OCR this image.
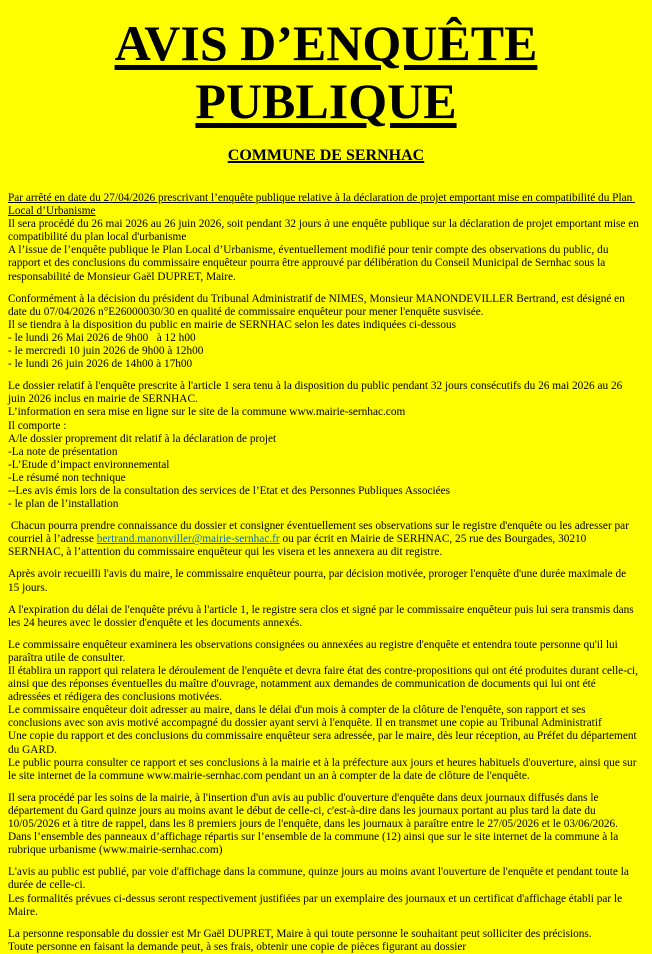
AVIS D’ENQUÊTE
PUBLIQUE
COMMUNE DE SERNHAC

Par arrêté en date du 27/04/2026 prescrivant l’enquête publique relative à la déclaration de projet emportant mise en compatibilité du Plan Local d’Urbanisme

Il sera procédé du 26 mai 2026 au 26 juin 2026, soit pendant 32 jours à une enquête publique sur la déclaration de projet emportant mise en compatibilité du plan local d'urbanisme

A l’issue de l’enquête publique le Plan Local d’Urbanisme, éventuellement modifié pour tenir compte des observations du public, du rapport et des conclusions du commissaire enquêteur pourra être approuvé par délibération du Conseil Municipal de Sernhac sous la responsabilité de Monsieur Gaël DUPRET, Maire.

Conformément à la décision du président du Tribunal Administratif de NIMES, Monsieur MANONDEVILLER Bertrand, est désigné en date du 07/04/2026 n°E26000030/30 en qualité de commissaire enquêteur pour mener l'enquête susvisée.

Il se tiendra à la disposition du public en mairie de SERNHAC selon les dates indiquées ci-dessous

- le lundi 26 Mai 2026 de 9h00   à 12 h00

- le mercredi 10 juin 2026 de 9h00 à 12h00

- le lundi 26 juin 2026 de 14h00 à 17h00

Le dossier relatif à l'enquête prescrite à l'article 1 sera tenu à la disposition du public pendant 32 jours consécutifs du 26 mai 2026 au 26 juin 2026 inclus en mairie de SERNHAC.

L’information en sera mise en ligne sur le site de la commune www.mairie-sernhac.com

Il comporte :

A/le dossier proprement dit relatif à la déclaration de projet

-La note de présentation

-L’Etude d’impact environnemental

-Le résumé non technique

--Les avis émis lors de la consultation des services de l’Etat et des Personnes Publiques Associées

- le plan de l’installation

Chacun pourra prendre connaissance du dossier et consigner éventuellement ses observations sur le registre d'enquête ou les adresser par courriel à l’adresse bertrand.manonviller@mairie-sernhac.fr ou par écrit en Mairie de SERHNAC, 25 rue des Bourgades, 30210 SERNHAC, à l’attention du commissaire enquêteur qui les visera et les annexera au dit registre.

Après avoir recueilli l'avis du maire, le commissaire enquêteur pourra, par décision motivée, proroger l'enquête d'une durée maximale de 15 jours.

A l'expiration du délai de l'enquête prévu à l'article 1, le registre sera clos et signé par le commissaire enquêteur puis lui sera transmis dans les 24 heures avec le dossier d'enquête et les documents annexés.

Le commissaire enquêteur examinera les observations consignées ou annexées au registre d'enquête et entendra toute personne qu'il lui paraîtra utile de consulter.

Il établira un rapport qui relatera le déroulement de l'enquête et devra faire état des contre-propositions qui ont été produites durant celle-ci, ainsi que des réponses éventuelles du maître d'ouvrage, notamment aux demandes de communication de documents qui lui ont été adressées et rédigera des conclusions motivées.

Le commissaire enquêteur doit adresser au maire, dans le délai d'un mois à compter de la clôture de l'enquête, son rapport et ses conclusions avec son avis motivé accompagné du dossier ayant servi à l'enquête. Il en transmet une copie au Tribunal Administratif

Une copie du rapport et des conclusions du commissaire enquêteur sera adressée, par le maire, dès leur réception, au Préfet du département du GARD.

Le public pourra consulter ce rapport et ses conclusions à la mairie et à la préfecture aux jours et heures habituels d'ouverture, ainsi que sur le site internet de la commune www.mairie-sernhac.com pendant un an à compter de la date de clôture de l'enquête.

Il sera procédé par les soins de la mairie, à l'insertion d'un avis au public d'ouverture d'enquête dans deux journaux diffusés dans le département du Gard quinze jours au moins avant le début de celle-ci, c'est-à-dire dans les journaux portant au plus tard la date du 10/05/2026 et à titre de rappel, dans les 8 premiers jours de l'enquête, dans les journaux à paraître entre le 27/05/2026 et le 03/06/2026.

Dans l’ensemble des panneaux d’affichage répartis sur l’ensemble de la commune (12) ainsi que sur le site internet de la commune à la rubrique urbanisme (www.mairie-sernhac.com)

L'avis au public est publié, par voie d'affichage dans la commune, quinze jours au moins avant l'ouverture de l'enquête et pendant toute la durée de celle-ci.

Les formalités prévues ci-dessus seront respectivement justifiées par un exemplaire des journaux et un certificat d'affichage établi par le Maire.

La personne responsable du dossier est Mr Gaël DUPRET, Maire à qui toute personne le souhaitant peut solliciter des précisions.

Toute personne en faisant la demande peut, à ses frais, obtenir une copie de pièces figurant au dossier
